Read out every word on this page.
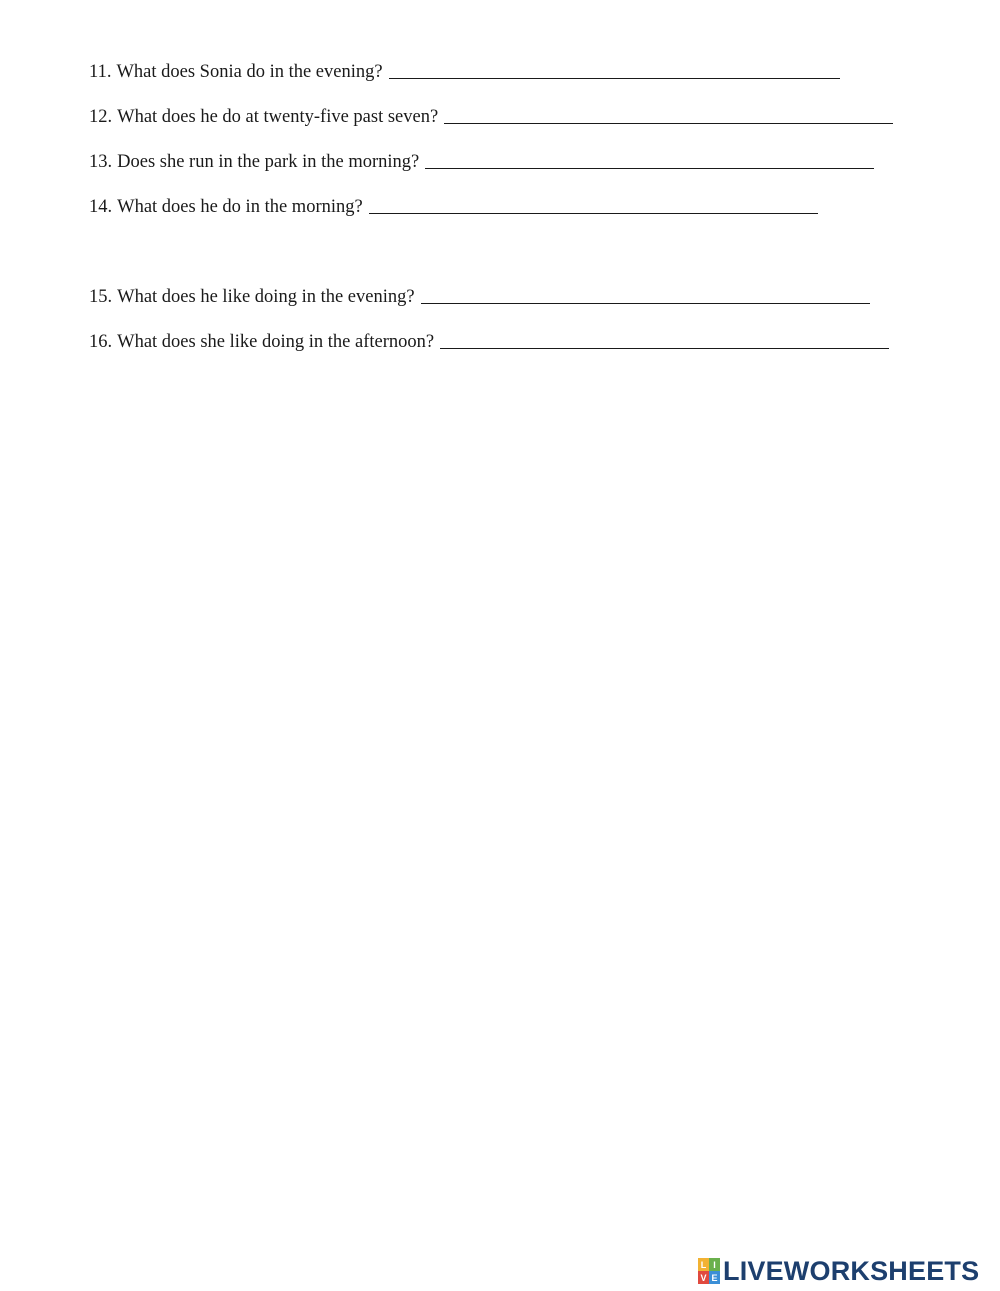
11. What does Sonia do in the evening?
12. What does he do at twenty-five past seven?
13. Does she run in the park in the morning?
14. What does he do in the morning?
15. What does he like doing in the evening?
16. What does she like doing in the afternoon?
L I
V E LIVEWORKSHEETS
